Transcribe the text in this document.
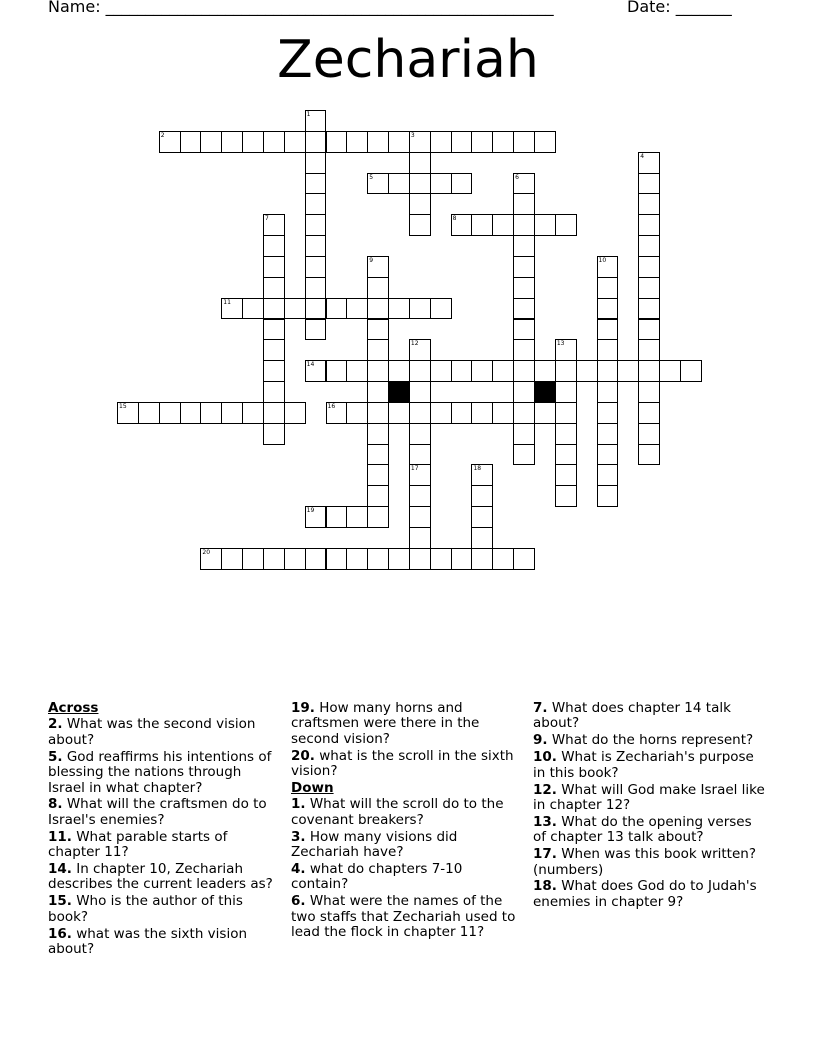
Name: ________________________________________________________	Date: _______
Zechariah
1
2	3
4
5	6
7	8
9	10
11
12
17
13
14
15	16
18
19
20
Across
2. What was the second vision about?
5. God reaffirms his intentions of blessing the nations through Israel in what chapter?
8. What will the craftsmen do to Israel's enemies?
11. What parable starts of chapter 11?
14. In chapter 10, Zechariah describes the current leaders as?
15. Who is the author of this book?
16. what was the sixth vision about?
19. How many horns and craftsmen were there in the second vision?
20. what is the scroll in the sixth vision?
Down
1. What will the scroll do to the covenant breakers?
3. How many visions did Zechariah have?
4. what do chapters 7-10 contain?
6. What were the names of the two staffs that Zechariah used to lead the flock in chapter 11?
7. What does chapter 14 talk about?
9. What do the horns represent?
10. What is Zechariah's purpose in this book?
12. What will God make Israel like in chapter 12?
13. What do the opening verses of chapter 13 talk about?
17. When was this book written? (numbers)
18. What does God do to Judah's enemies in chapter 9?
